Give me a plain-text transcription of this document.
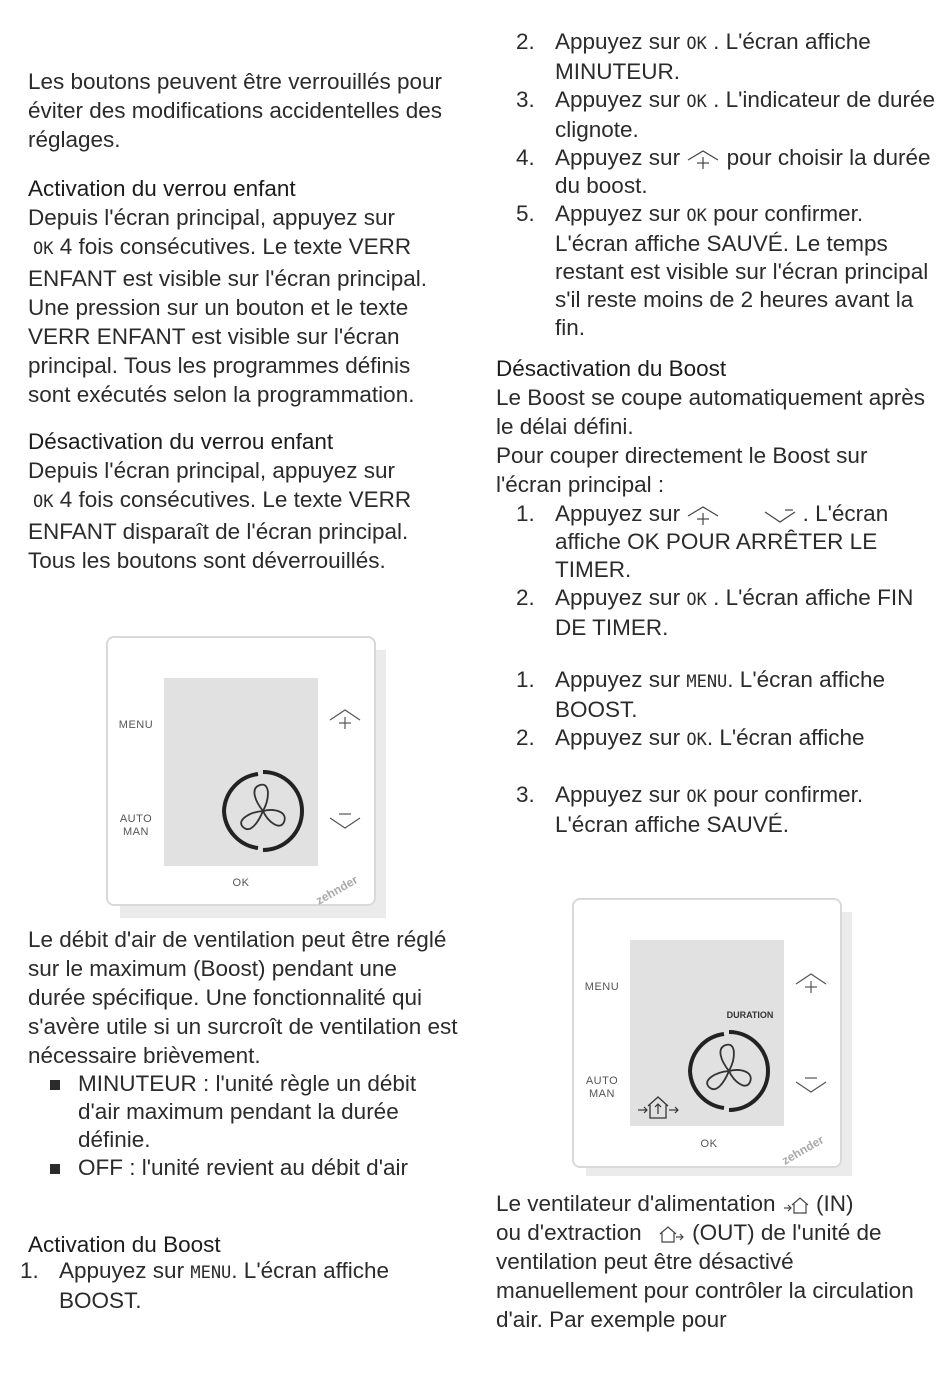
Les boutons peuvent être verrouillés pour éviter des modifications accidentelles des réglages.

Activation du verrou enfant

Depuis l'écran principal, appuyez sur
OK 4 fois consécutives. Le texte VERR ENFANT est visible sur l'écran principal. Une pression sur un bouton et le texte VERR ENFANT est visible sur l'écran principal. Tous les programmes définis sont exécutés selon la programmation.

Désactivation du verrou enfant

Depuis l'écran principal, appuyez sur
OK 4 fois consécutives. Le texte VERR ENFANT disparaît de l'écran principal. Tous les boutons sont déverrouillés.

Le débit d'air de ventilation peut être réglé sur le maximum (Boost) pendant une durée spécifique. Une fonctionnalité qui s'avère utile si un surcroît de ventilation est nécessaire brièvement.

MINUTEUR : l'unité règle un débit d'air maximum pendant la durée définie.
OFF : l'unité revient au débit d'air

Activation du Boost

1. Appuyez sur MENU. L'écran affiche BOOST.
MENU
AUTO
MAN
OK	zehnder
2. Appuyez sur OK . L'écran affiche MINUTEUR.
3. Appuyez sur OK . L'indicateur de durée clignote.
4. Appuyez sur pour choisir la durée du boost.
5. Appuyez sur OK pour confirmer. L'écran affiche SAUVÉ. Le temps restant est visible sur l'écran principal s'il reste moins de 2 heures avant la fin.

Désactivation du Boost

Le Boost se coupe automatiquement après le délai défini.
Pour couper directement le Boost sur l'écran principal :

1. Appuyez sur	. L'écran affiche OK POUR ARRÊTER LE TIMER.
2. Appuyez sur OK . L'écran affiche FIN DE TIMER.
1. Appuyez sur MENU. L'écran affiche BOOST.
2. Appuyez sur OK. L'écran affiche
3. Appuyez sur OK pour confirmer. L'écran affiche SAUVÉ.

Le ventilateur d'alimentation (IN)
ou d'extraction (OUT) de l'unité de ventilation peut être désactivé manuellement pour contrôler la circulation d'air. Par exemple pour

MENU
DURATION
AUTO
MAN
OK	zehnder
